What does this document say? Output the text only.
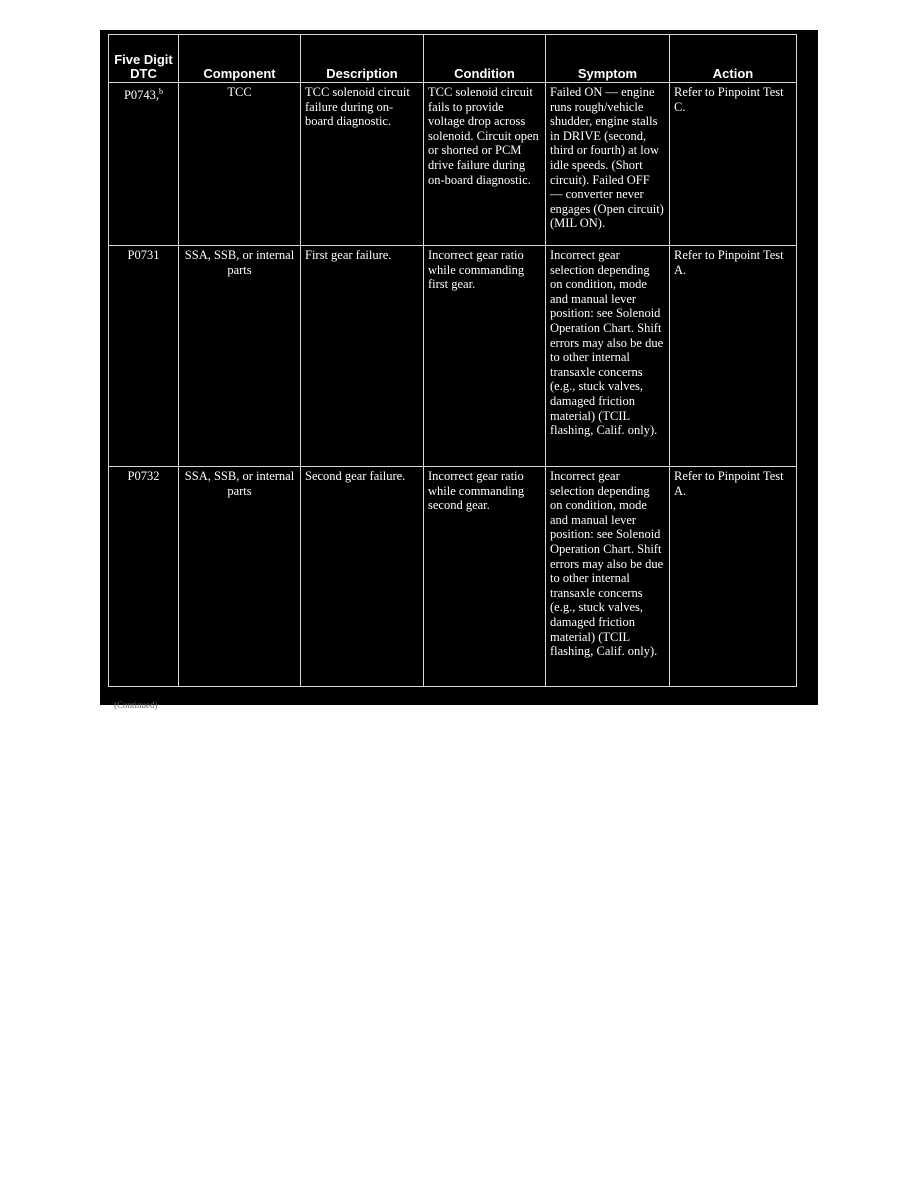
Five Digit DTC	Component	Description	Condition	Symptom	Action
P0743,$^b$	TCC	TCC solenoid circuit failure during on-board diagnostic.	TCC solenoid circuit fails to provide voltage drop across solenoid. Circuit open or shorted or PCM drive failure during on-board diagnostic.	Failed ON — engine runs rough/vehicle shudder, engine stalls in DRIVE (second, third or fourth) at low idle speeds. (Short circuit). Failed OFF — converter never engages (Open circuit) (MIL ON).	Refer to Pinpoint Test C.
P0731	SSA, SSB, or internal parts	First gear failure.	Incorrect gear ratio while commanding first gear.	Incorrect gear selection depending on condition, mode and manual lever position: see Solenoid Operation Chart. Shift errors may also be due to other internal transaxle concerns (e.g., stuck valves, damaged friction material) (TCIL flashing, Calif. only).	Refer to Pinpoint Test A.
P0732	SSA, SSB, or internal parts	Second gear failure.	Incorrect gear ratio while commanding second gear.	Incorrect gear selection depending on condition, mode and manual lever position: see Solenoid Operation Chart. Shift errors may also be due to other internal transaxle concerns (e.g., stuck valves, damaged friction material) (TCIL flashing, Calif. only).	Refer to Pinpoint Test A.
(Continued)
